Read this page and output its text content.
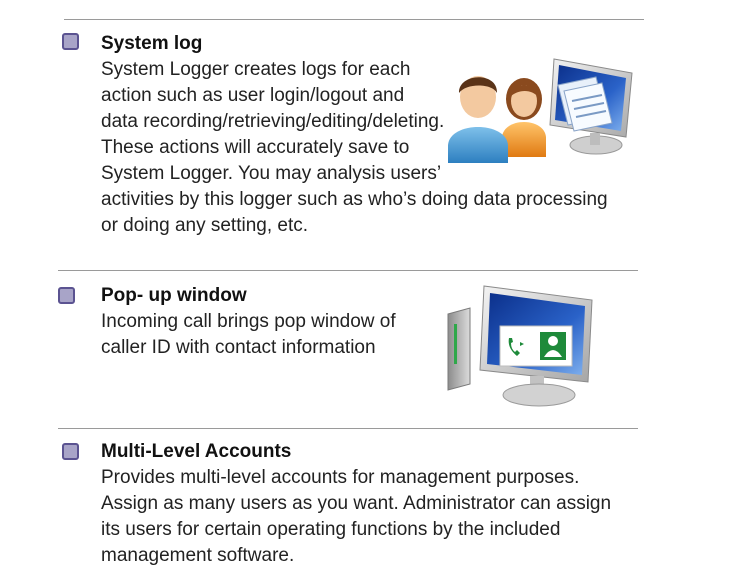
System log
System Logger creates logs for each
action such as user login/logout and
data recording/retrieving/editing/deleting.
These actions will accurately save to
System Logger. You may analysis users’
activities by this logger such as who’s doing data processing
or doing any setting, etc.
Pop- up window
Incoming call brings pop window of
caller ID with contact information
Multi-Level Accounts
Provides multi-level accounts for management purposes.
Assign as many users as you want. Administrator can assign
its users for certain operating functions by the included
management software.
